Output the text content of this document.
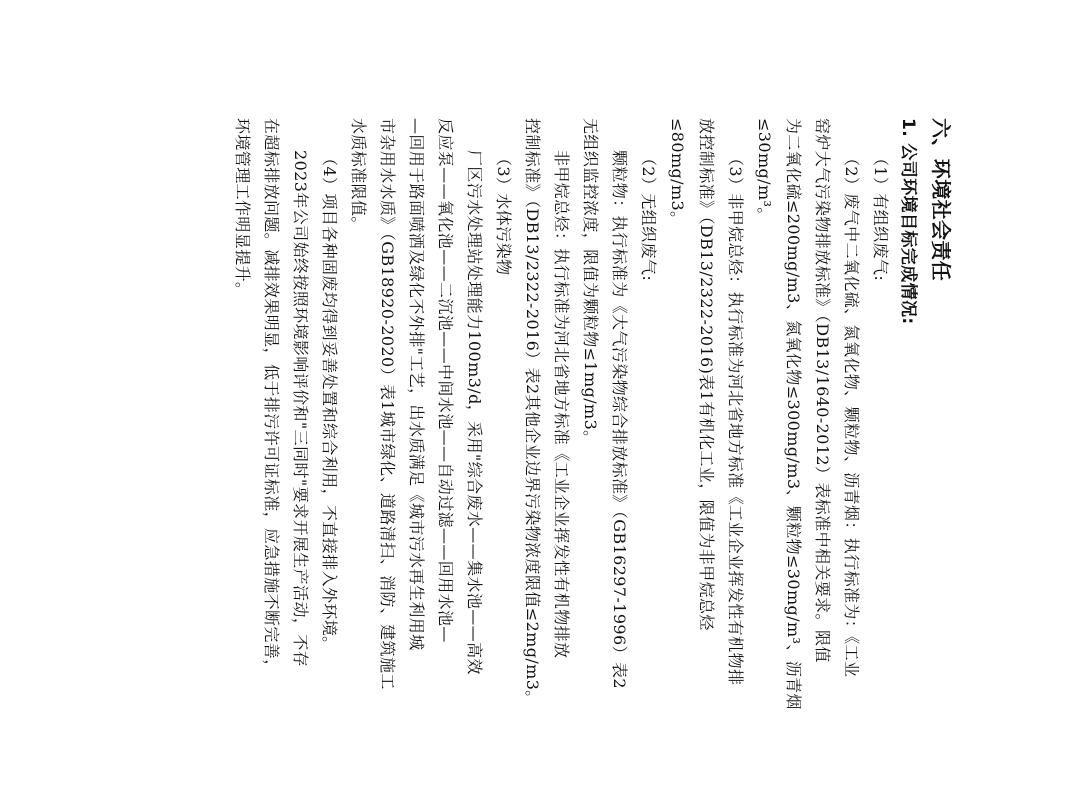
六、环境社会责任
1. 公司环境目标完成情况:
（1）有组织废气:
（2）废气中二氧化硫、氮氧化物、颗粒物、沥青烟：执行标准为：《工业
窑炉大气污染物排放标准》（DB13/1640-2012）表标准中相关要求。限值
为二氧化硫≤200mg/m3、氮氧化物≤300mg/m3、颗粒物≤30mg/m³、沥青烟
≤30mg/m³。
（3）非甲烷总烃：执行标准为河北省地方标准《工业企业挥发性有机物排
放控制标准》（DB13/2322-2016)表1有机化工业，限值为非甲烷总烃
≤80mg/m3。
（2）无组织废气:
颗粒物：执行标准为《大气污染物综合排放标准》（GB16297-1996）表2
无组织监控浓度，限值为颗粒物≤1mg/m3。
非甲烷总烃：执行标准为河北省地方标准《工业企业挥发性有机物排放
控制标准》（DB13/2322-2016）表2其他企业边界污染物浓度限值≤2mg/m3。
（3）水体污染物
厂区污水处理站处理能力100m3/d，采用"综合废水——集水池——高效
反应泵——氧化池——二沉池——中间水池——自动过滤——回用水池—
—回用于路面喷洒及绿化不外排"工艺，出水质满足《城市污水再生利用城
市杂用水水质》（GB18920-2020）表1城市绿化、道路清扫、消防、建筑施工
水质标准限值。
（4）项目各种固废均得到妥善处置和综合利用，不直接排入外环境。
2023年公司始终按照环境影响评价和"三同时"要求开展生产活动，不存
在超标排放问题。减排效果明显，低于排污许可证标准，应急措施不断完善，
环境管理工作明显提升。
